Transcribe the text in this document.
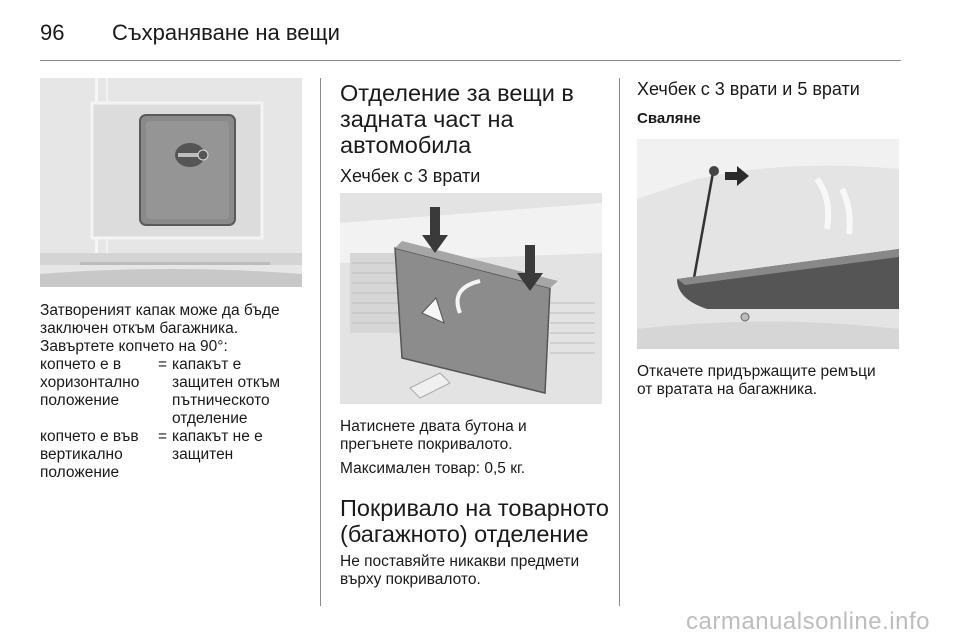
96 Съхраняване на вещи
Затвореният капак може да бъде
заключен откъм багажника.
Завъртете копчето на 90°:
копчето е в
хоризонтално
положение
= капакът е
защитен откъм
пътническото
отделение
копчето е във
вертикално
положение
= капакът не е
защитен
Отделение за вещи в
задната част на
автомобила
Хечбек с 3 врати
Натиснете двата бутона и
прегънете покривалото.
Максимален товар: 0,5 кг.
Покривало на товарното
(багажното) отделение
Не поставяйте никакви предмети
върху покривалото.
Хечбек с 3 врати и 5 врати
Сваляне
Откачете придържащите ремъци
от вратата на багажника.
carmanualsonline.info
